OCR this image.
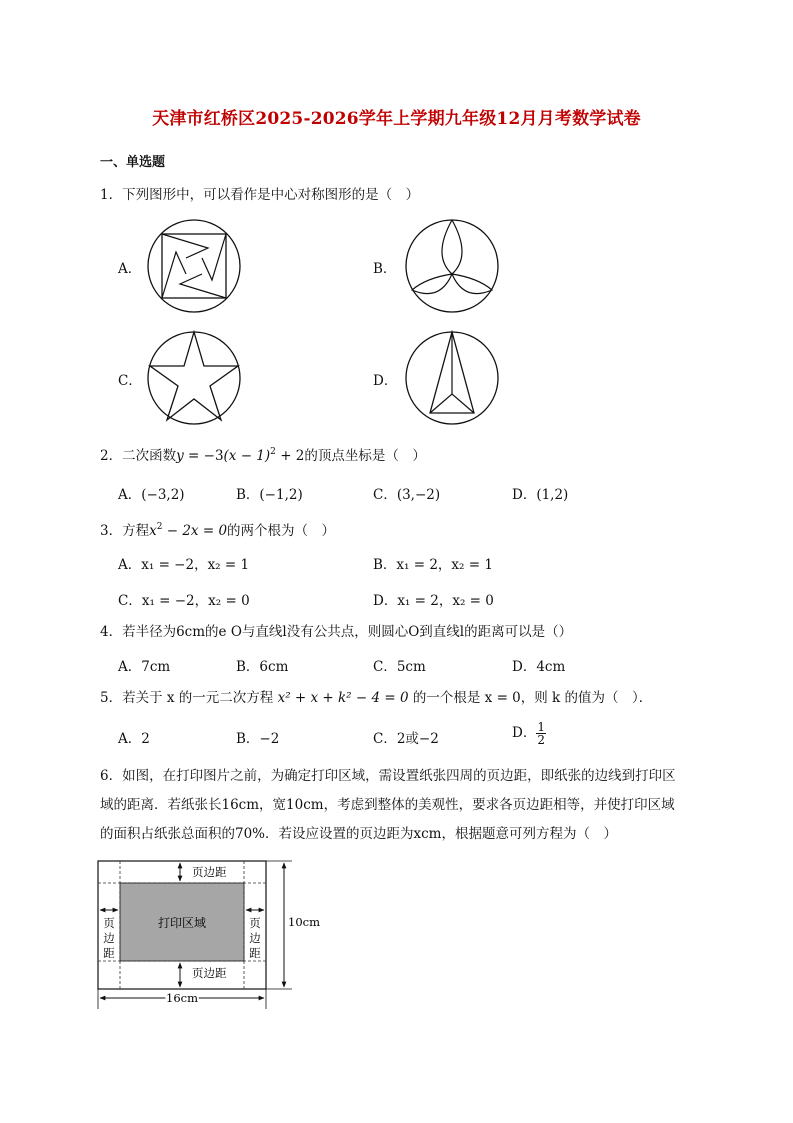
天津市红桥区2025-2026学年上学期九年级12月月考数学试卷
一、单选题
1．下列图形中，可以看作是中心对称图形的是（　）
A．	B．
C．	D．
2．二次函数$y = -3(x - 1)^2 + 2$的顶点坐标是（　）
A．(−3,2)	B．(−1,2)	C．(3,−2)	D．(1,2)
3．方程$x^2 - 2x = 0$的两个根为（　）
A．x₁ = −2，x₂ = 1	B．x₁ = 2，x₂ = 1
C．x₁ = −2，x₂ = 0	D．x₁ = 2，x₂ = 0
4．若半径为6cm的e O与直线l没有公共点，则圆心O到直线l的距离可以是（）
A．7cm	B．6cm	C．5cm	D．4cm
5．若关于 x 的一元二次方程 x² + x + k² − 4 = 0 的一个根是 x = 0，则 k 的值为（　）．
A．2	B．−2	C．2或−2	D． $\frac{1}{2}$
6．如图，在打印图片之前，为确定打印区域，需设置纸张四周的页边距，即纸张的边线到打印区
域的距离．若纸张长16cm，宽10cm，考虑到整体的美观性，要求各页边距相等，并使打印区域
的面积占纸张总面积的70%．若设应设置的页边距为xcm，根据题意可列方程为（　）
打印区域
页边距
页边距
页
边
距
页
边
距
10cm
16cm
